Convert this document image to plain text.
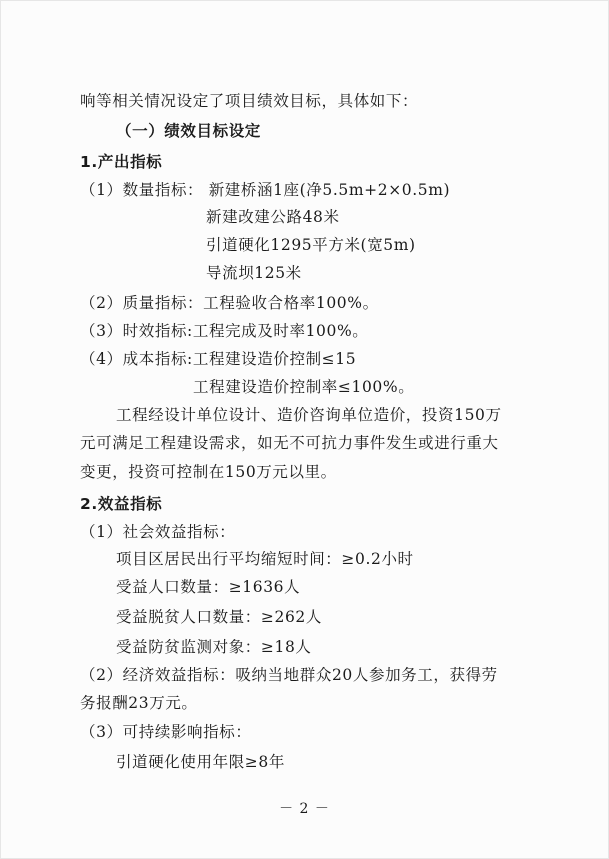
响等相关情况设定了项目绩效目标，具体如下：
（一）绩效目标设定
1.产出指标
（1）数量指标： 新建桥涵1座(净5.5m+2×0.5m)
新建改建公路48米
引道硬化1295平方米(宽5m)
导流坝125米
（2）质量指标：工程验收合格率100%。
（3）时效指标:工程完成及时率100%。
（4）成本指标:工程建设造价控制≤15
工程建设造价控制率≤100%。
工程经设计单位设计、造价咨询单位造价，投资150万
元可满足工程建设需求，如无不可抗力事件发生或进行重大
变更，投资可控制在150万元以里。
2.效益指标
（1）社会效益指标：
项目区居民出行平均缩短时间：≥0.2小时
受益人口数量：≥1636人
受益脱贫人口数量：≥262人
受益防贫监测对象：≥18人
（2）经济效益指标：吸纳当地群众20人参加务工，获得劳
务报酬23万元。
（3）可持续影响指标：
引道硬化使用年限≥8年
－ 2 －
